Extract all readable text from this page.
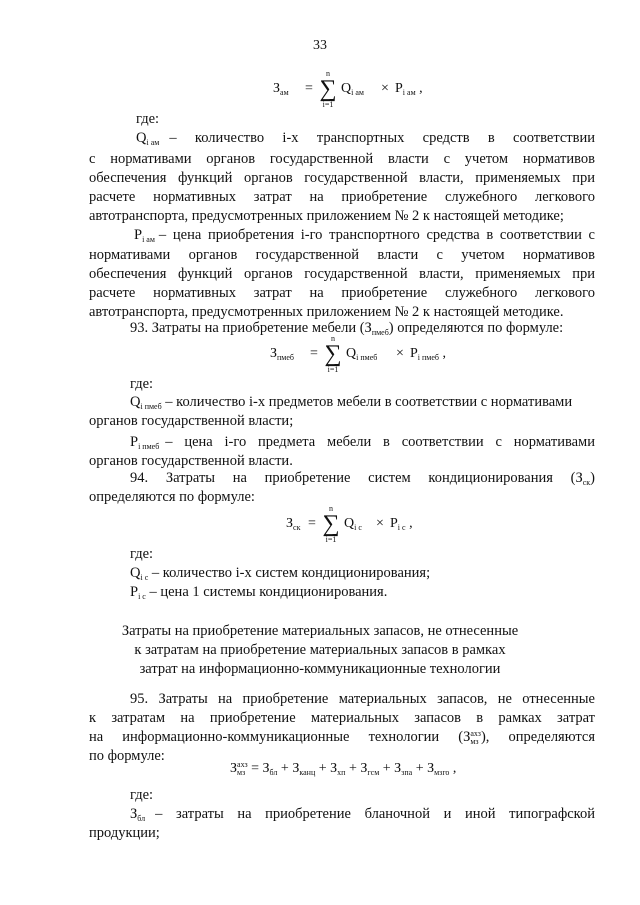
33
$З_{ам}$ =
n
∑
i=1
$Q_{i ам} \times P_{i ам}$ ,

где:

$Q_{i ам}$ – количество i-х транспортных средств в соответствии

с нормативами органов государственной власти с учетом нормативов

обеспечения функций органов государственной власти, применяемых при

расчете нормативных затрат на приобретение служебного легкового

автотранспорта, предусмотренных приложением № 2 к настоящей методике;

$P_{i ам}$ – цена приобретения i-го транспортного средства в соответствии с

нормативами органов государственной власти с учетом нормативов

обеспечения функций органов государственной власти, применяемых при

расчете нормативных затрат на приобретение служебного легкового

автотранспорта, предусмотренных приложением № 2 к настоящей методике.

93. Затраты на приобретение мебели $(З_{пмеб})$ определяются по формуле:

$З_{пмеб}$ =
n
∑
i=1
$Q_{i пмеб} \times P_{i пмеб}$ ,

где:

$Q_{i пмеб}$ – количество i-х предметов мебели в соответствии с нормативами

органов государственной власти;

$P_{i пмеб}$ – цена i-го предмета мебели в соответствии с нормативами

органов государственной власти.

94. Затраты на приобретение систем кондиционирования $(З_{ск})$

определяются по формуле:

$З_{ск}$ =
n
∑
i=1
$Q_{i с} \times P_{i с}$ ,

где:

$Q_{i с}$ – количество i-х систем кондиционирования;

$P_{i с}$ – цена 1 системы кондиционирования.

Затраты на приобретение материальных запасов, не отнесенные
к затратам на приобретение материальных запасов в рамках
затрат на информационно-коммуникационные технологии

95. Затраты на приобретение материальных запасов, не отнесенные

к затратам на приобретение материальных запасов в рамках затрат

на информационно-коммуникационные технологии (З ахз
мз ), определяются

по формуле:

З ахз
мз = $З_{бл} + З_{канц} + З_{хп} + З_{гсм} + З_{зпа} + З_{мзго}$ ,

где:

$З_{бл}$ – затраты на приобретение бланочной и иной типографской

продукции;
